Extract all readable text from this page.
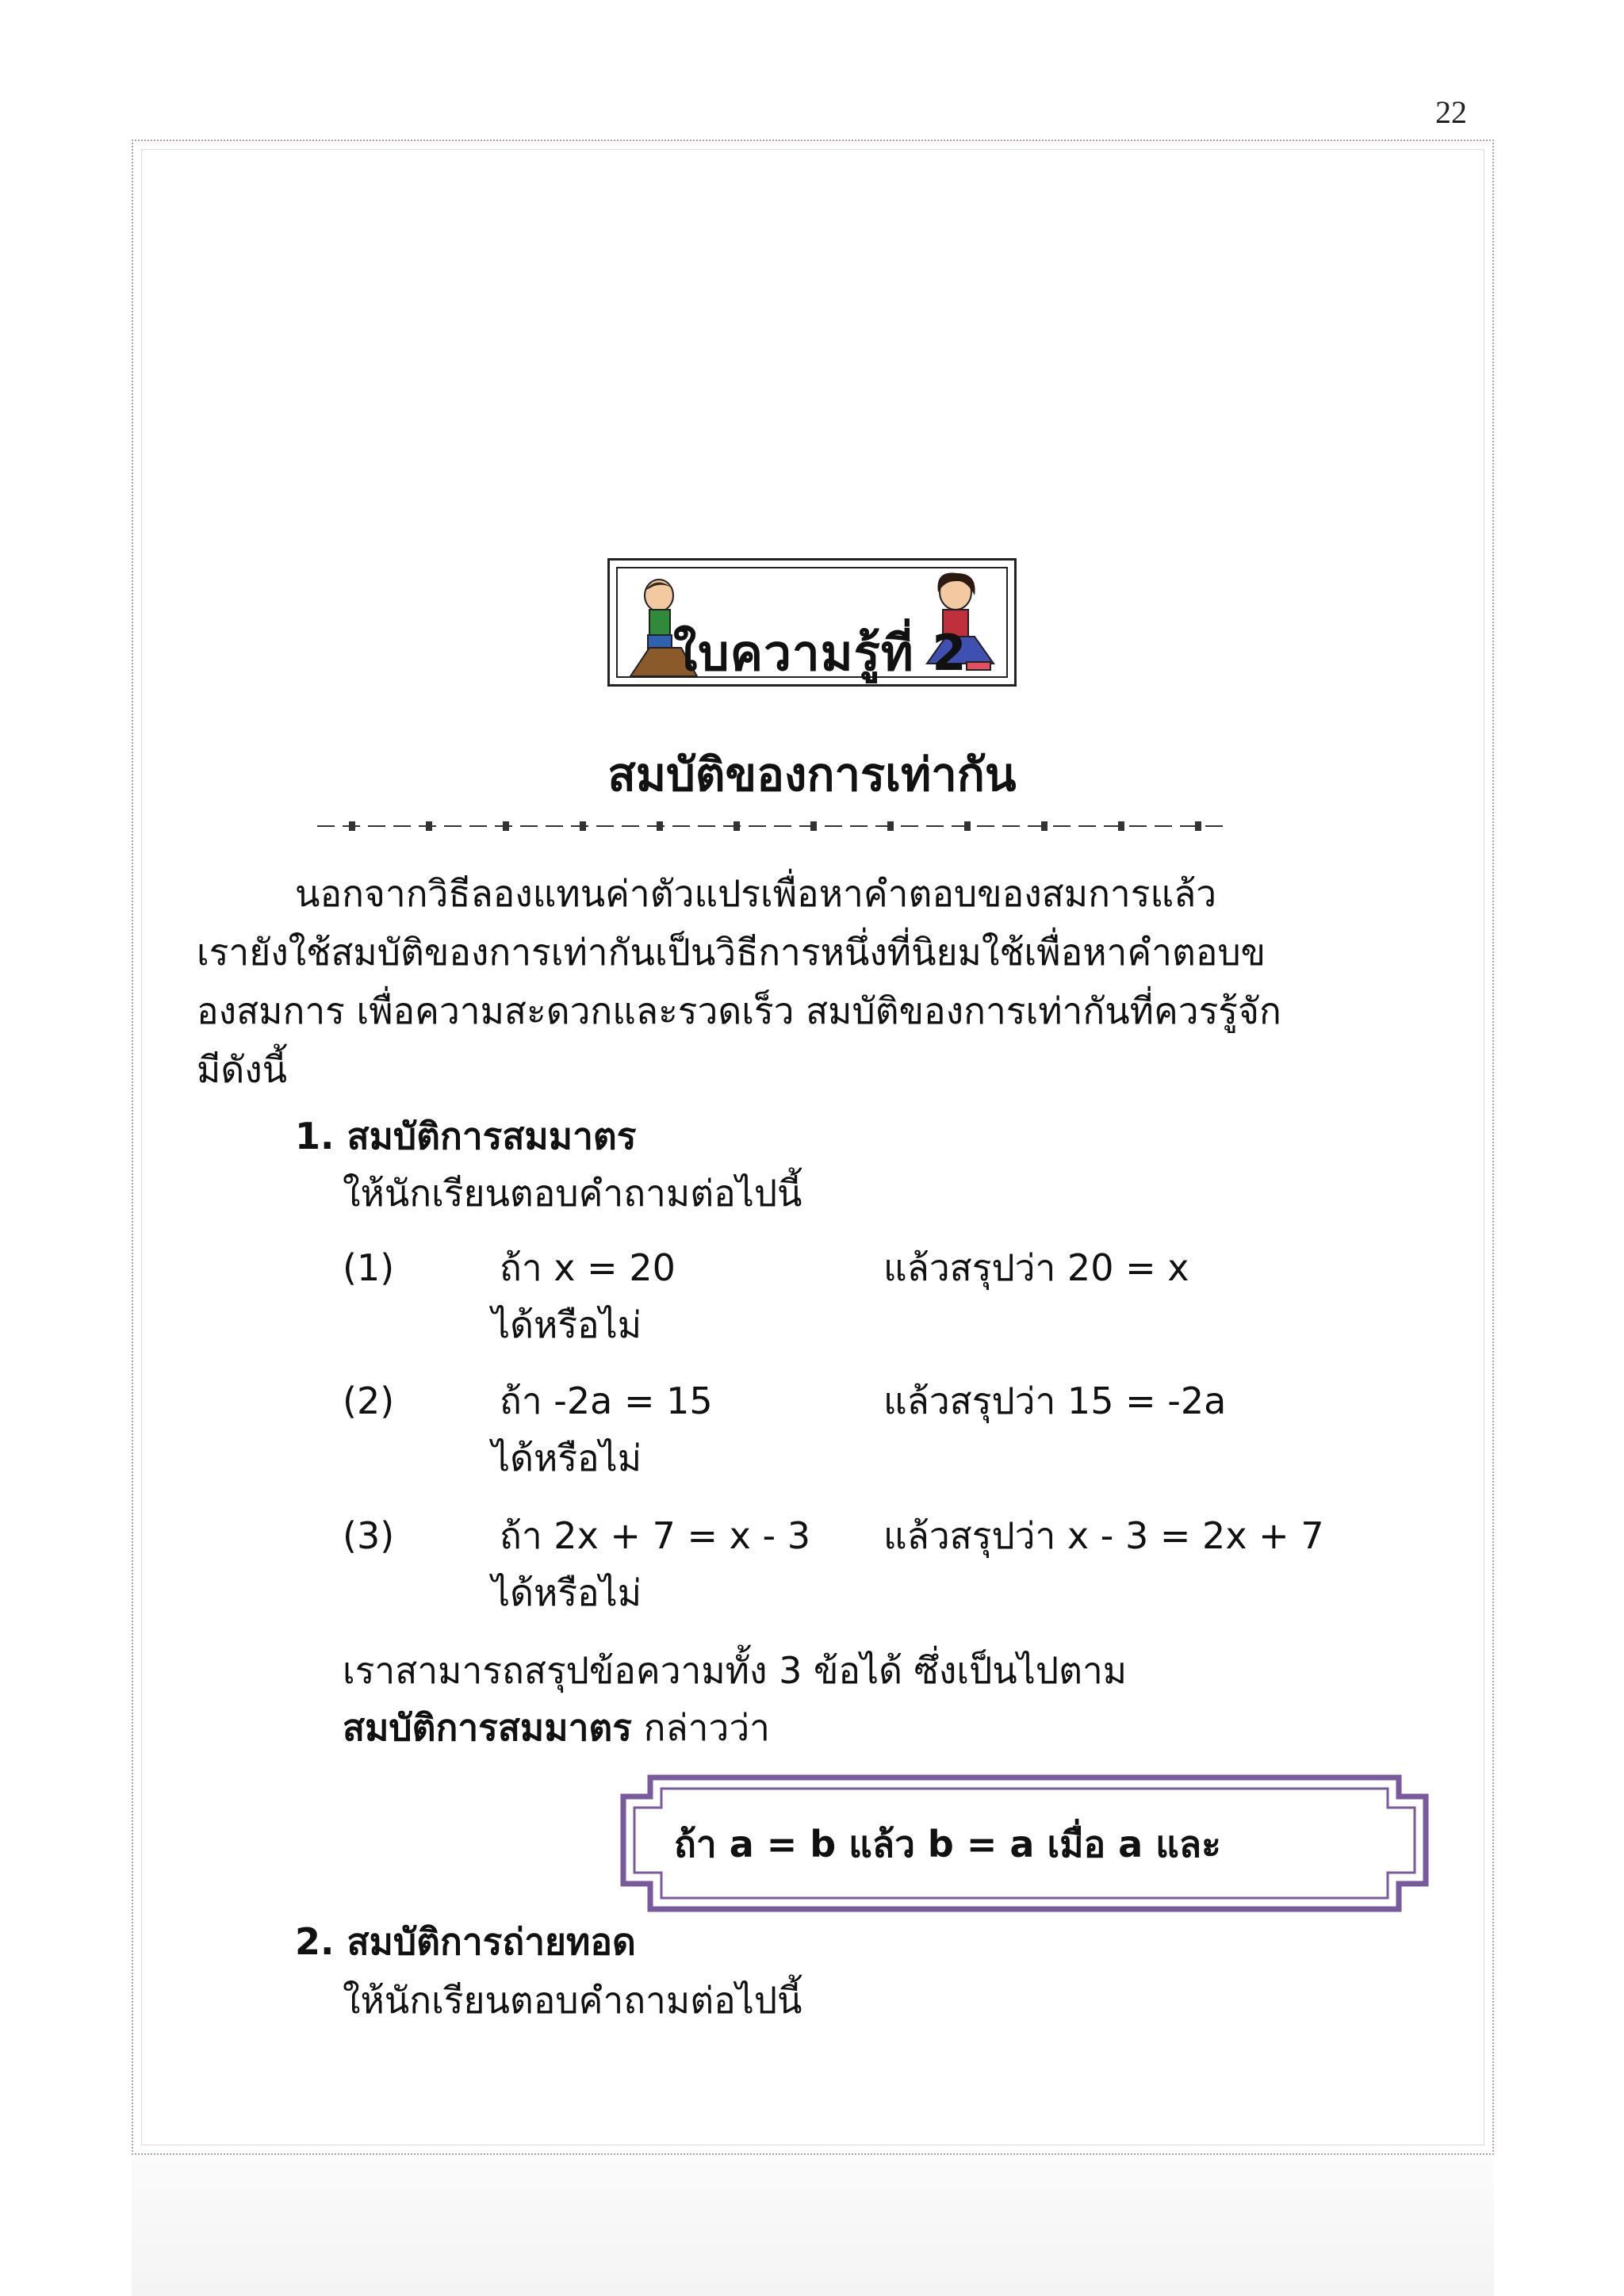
22
ใบความรู้ที่ 2
สมบัติของการเท่ากัน
นอกจากวิธีลองแทนค่าตัวแปรเพื่อหาคำตอบของสมการแล้ว
เรายังใช้สมบัติของการเท่ากันเป็นวิธีการหนึ่งที่นิยมใช้เพื่อหาคำตอบข
องสมการ เพื่อความสะดวกและรวดเร็ว สมบัติของการเท่ากันที่ควรรู้จัก
มีดังนี้
1. สมบัติการสมมาตร
ให้นักเรียนตอบคำถามต่อไปนี้
(1)	ถ้า x = 20	แล้วสรุปว่า 20 = x
ได้หรือไม่
(2)	ถ้า -2a = 15	แล้วสรุปว่า 15 = -2a
ได้หรือไม่
(3)	ถ้า 2x + 7 = x - 3 แล้วสรุปว่า x - 3 = 2x + 7
ได้หรือไม่
เราสามารถสรุปข้อความทั้ง 3 ข้อได้ ซึ่งเป็นไปตาม
สมบัติการสมมาตร กล่าวว่า
ถ้า a = b แล้ว b = a เมื่อ a และ
2. สมบัติการถ่ายทอด
ให้นักเรียนตอบคำถามต่อไปนี้
